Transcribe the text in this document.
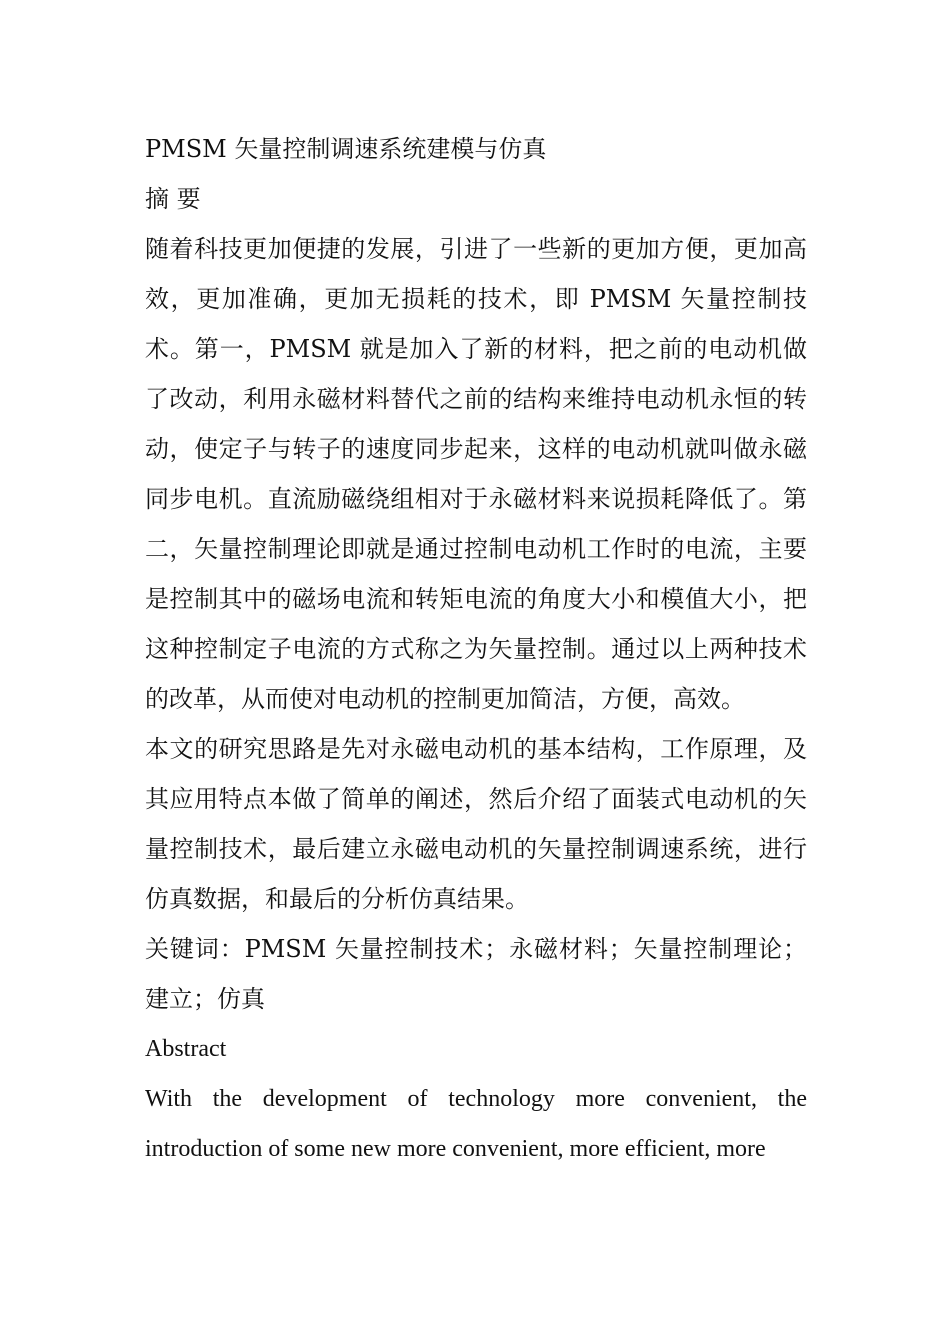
PMSM 矢量控制调速系统建模与仿真

摘 要

随着科技更加便捷的发展，引进了一些新的更加方便，更加高效，更加准确，更加无损耗的技术，即 PMSM 矢量控制技术。第一，PMSM 就是加入了新的材料，把之前的电动机做了改动，利用永磁材料替代之前的结构来维持电动机永恒的转动，使定子与转子的速度同步起来，这样的电动机就叫做永磁同步电机。直流励磁绕组相对于永磁材料来说损耗降低了。第二，矢量控制理论即就是通过控制电动机工作时的电流，主要是控制其中的磁场电流和转矩电流的角度大小和模值大小，把这种控制定子电流的方式称之为矢量控制。通过以上两种技术的改革，从而使对电动机的控制更加简洁，方便，高效。

本文的研究思路是先对永磁电动机的基本结构，工作原理，及其应用特点本做了简单的阐述，然后介绍了面装式电动机的矢量控制技术，最后建立永磁电动机的矢量控制调速系统，进行仿真数据，和最后的分析仿真结果。

关键词：PMSM 矢量控制技术；永磁材料；矢量控制理论；建立；仿真

Abstract

With the development of technology more convenient, the introduction of some new more convenient, more efficient, more
